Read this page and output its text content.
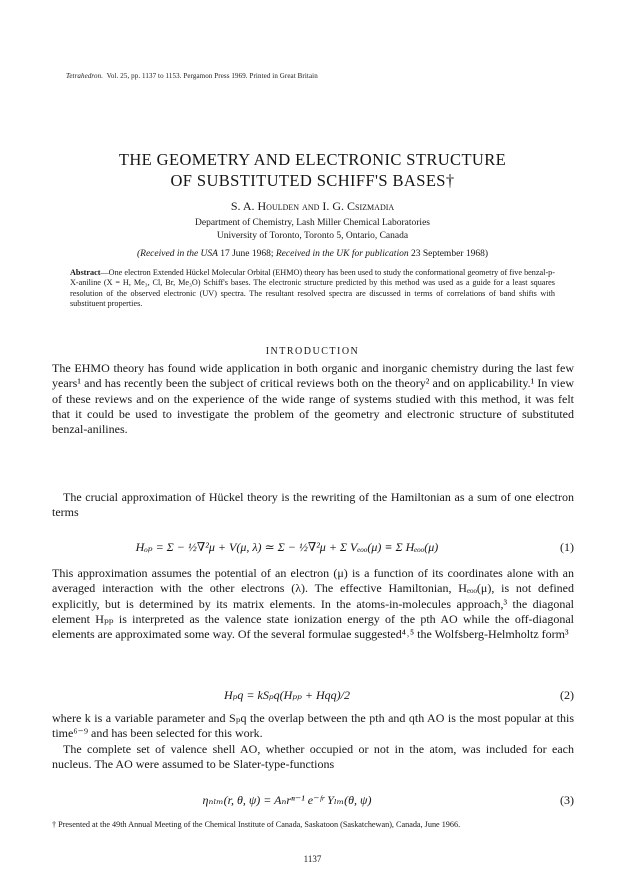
Tetrahedron. Vol. 25, pp. 1137 to 1153. Pergamon Press 1969. Printed in Great Britain
THE GEOMETRY AND ELECTRONIC STRUCTURE
OF SUBSTITUTED SCHIFF'S BASES†
S. A. Houlden and I. G. Csizmadia
Department of Chemistry, Lash Miller Chemical Laboratories
University of Toronto, Toronto 5, Ontario, Canada
(Received in the USA 17 June 1968; Received in the UK for publication 23 September 1968)
Abstract—One electron Extended Hückel Molecular Orbital (EHMO) theory has been used to study the conformational geometry of five benzal-p-X-aniline (X = H, Me₃, Cl, Br, Me₃O) Schiff's bases. The electronic structure predicted by this method was used as a guide for a least squares resolution of the observed electronic (UV) spectra. The resultant resolved spectra are discussed in terms of correlations of band shifts with substituent properties.
INTRODUCTION
The EHMO theory has found wide application in both organic and inorganic chemistry during the last few years¹ and has recently been the subject of critical reviews both on the theory² and on applicability.¹ In view of these reviews and on the experience of the wide range of systems studied with this method, it was felt that it could be used to investigate the problem of the geometry and electronic structure of substituted benzal-anilines.
The crucial approximation of Hückel theory is the rewriting of the Hamiltonian as a sum of one electron terms
Hₒₚ = Σ − ½∇²μ + V(μ, λ) ≃ Σ − ½∇²μ + Σ Vₑₒₒ(μ) ≡ Σ Hₑₒₒ(μ)	(1)
This approximation assumes the potential of an electron (μ) is a function of its coordinates alone with an averaged interaction with the other electrons (λ). The effective Hamiltonian, Hₑₒₒ(μ), is not defined explicitly, but is determined by its matrix elements. In the atoms-in-molecules approach,³ the diagonal element Hₚₚ is interpreted as the valence state ionization energy of the pth AO while the off-diagonal elements are approximated some way. Of the several formulae suggested⁴˒⁵ the Wolfsberg-Helmholtz form³
Hₚq = kSₚq(Hₚₚ + Hqq)/2	(2)
where k is a variable parameter and Sₚq the overlap between the pth and qth AO is the most popular at this time⁶⁻⁹ and has been selected for this work.
The complete set of valence shell AO, whether occupied or not in the atom, was included for each nucleus. The AO were assumed to be Slater-type-functions
ηₙₗₘ(r, θ, ψ) = Aₙrⁿ⁻¹ e⁻ᶠʳ Yₗₘ(θ, ψ)	(3)
† Presented at the 49th Annual Meeting of the Chemical Institute of Canada, Saskatoon (Saskatchewan), Canada, June 1966.
1137
